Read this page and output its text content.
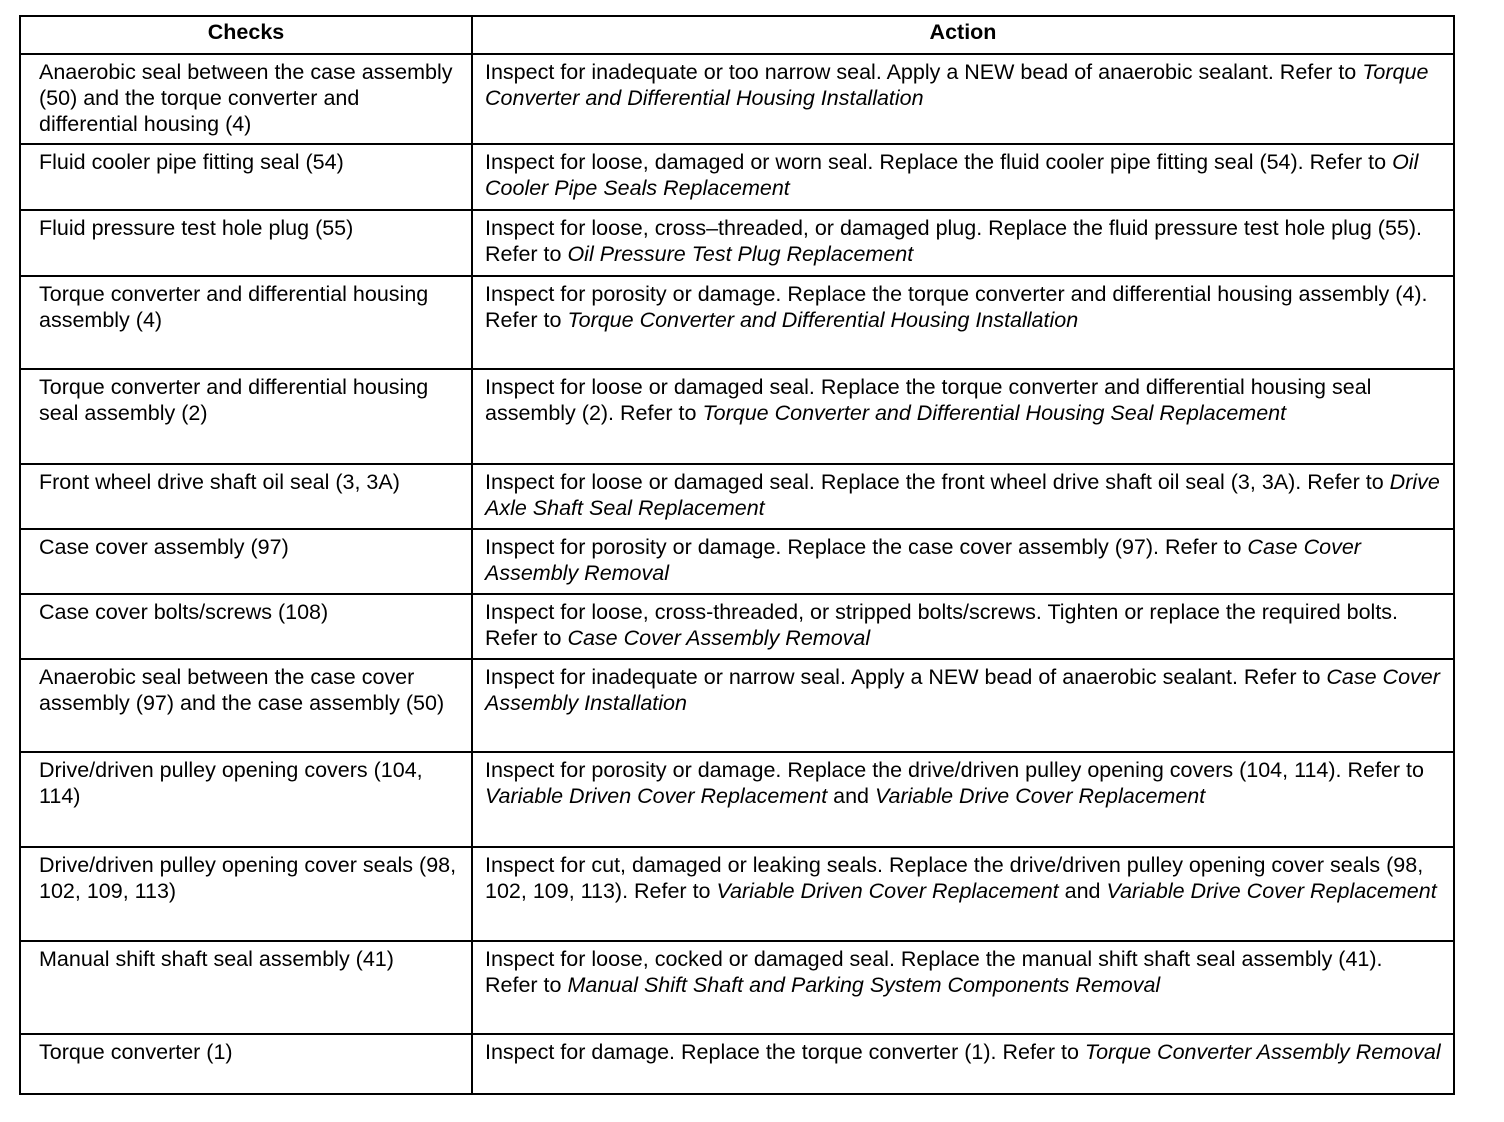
Checks	Action
Anaerobic seal between the case assembly (50) and the torque converter and differential housing (4)	Inspect for inadequate or too narrow seal. Apply a NEW bead of anaerobic sealant. Refer to Torque Converter and Differential Housing Installation
Fluid cooler pipe fitting seal (54)	Inspect for loose, damaged or worn seal. Replace the fluid cooler pipe fitting seal (54). Refer to Oil Cooler Pipe Seals Replacement
Fluid pressure test hole plug (55)	Inspect for loose, cross–threaded, or damaged plug. Replace the fluid pressure test hole plug (55). Refer to Oil Pressure Test Plug Replacement
Torque converter and differential housing assembly (4)	Inspect for porosity or damage. Replace the torque converter and differential housing assembly (4). Refer to Torque Converter and Differential Housing Installation
Torque converter and differential housing seal assembly (2)	Inspect for loose or damaged seal. Replace the torque converter and differential housing seal assembly (2). Refer to Torque Converter and Differential Housing Seal Replacement
Front wheel drive shaft oil seal (3, 3A)	Inspect for loose or damaged seal. Replace the front wheel drive shaft oil seal (3, 3A). Refer to Drive Axle Shaft Seal Replacement
Case cover assembly (97)	Inspect for porosity or damage. Replace the case cover assembly (97). Refer to Case Cover Assembly Removal
Case cover bolts/screws (108)	Inspect for loose, cross-threaded, or stripped bolts/screws. Tighten or replace the required bolts. Refer to Case Cover Assembly Removal
Anaerobic seal between the case cover assembly (97) and the case assembly (50)	Inspect for inadequate or narrow seal. Apply a NEW bead of anaerobic sealant. Refer to Case Cover Assembly Installation
Drive/driven pulley opening covers (104, 114)	Inspect for porosity or damage. Replace the drive/driven pulley opening covers (104, 114). Refer to Variable Driven Cover Replacement and Variable Drive Cover Replacement
Drive/driven pulley opening cover seals (98, 102, 109, 113)	Inspect for cut, damaged or leaking seals. Replace the drive/driven pulley opening cover seals (98, 102, 109, 113). Refer to Variable Driven Cover Replacement and Variable Drive Cover Replacement
Manual shift shaft seal assembly (41)	Inspect for loose, cocked or damaged seal. Replace the manual shift shaft seal assembly (41). Refer to Manual Shift Shaft and Parking System Components Removal
Torque converter (1)	Inspect for damage. Replace the torque converter (1). Refer to Torque Converter Assembly Removal
